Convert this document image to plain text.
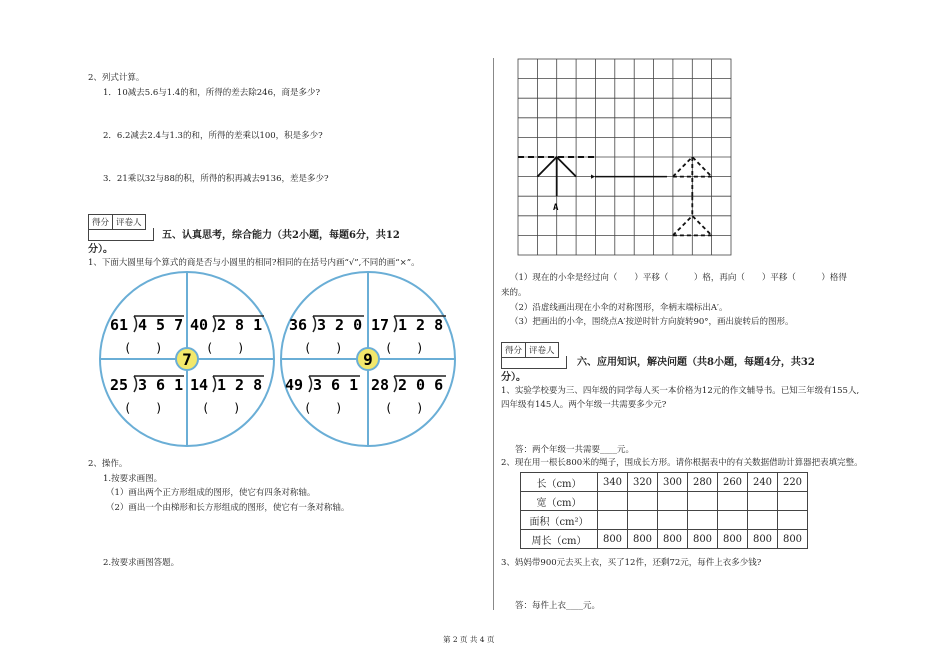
2、列式计算。
1．10减去5.6与1.4的和，所得的差去除246，商是多少?
2．6.2减去2.4与1.3的和，所得的差乘以100，积是多少?
3．21乘以32与88的积，所得的积再减去9136，差是多少?
得分 评卷人
五、认真思考，综合能力（共2小题，每题6分，共12
分）。
1、下面大圆里每个算式的商是否与小圆里的相同?相同的在括号内画“√”,不同的画“×”。
7
61 4 5 7
(　　)
40 2 8 1
(　　)
25 3 6 1
(　　)
14 1 2 8
(　　)
9
36 3 2 0
(　　)
17 1 2 8
(　　)
49 3 6 1
(　　)
28 2 0 6
(　　)
2、操作。
1.按要求画图。
（1）画出两个正方形组成的图形，使它有四条对称轴。
（2）画出一个由梯形和长方形组成的图形，使它有一条对称轴。
2.按要求画图答题。
A
（1）现在的小伞是经过向（　　）平移（　　　）格，再向（　　）平移（　　　）格得
来的。
（2）沿虚线画出现在小伞的对称图形，伞柄末端标出A′。
（3）把画出的小伞，围绕点A′按逆时针方向旋转90°，画出旋转后的图形。
得分 评卷人
六、应用知识，解决问题（共8小题，每题4分，共32
分）。
1、实验学校要为三、四年级的同学每人买一本价格为12元的作文辅导书。已知三年级有155人,
四年级有145人。两个年级一共需要多少元?
答：两个年级一共需要____元。
2、现在用一根长800米的绳子，围成长方形。请你根据表中的有关数据借助计算器把表填完整。
长（cm）	340	320	300	280	260	240	220
宽（cm）							
面积（cm²）							
周长（cm）	800	800	800	800	800	800	800
3、妈妈带900元去买上衣，买了12件，还剩72元，每件上衣多少钱?
答：每件上衣____元。
第 2 页 共 4 页
